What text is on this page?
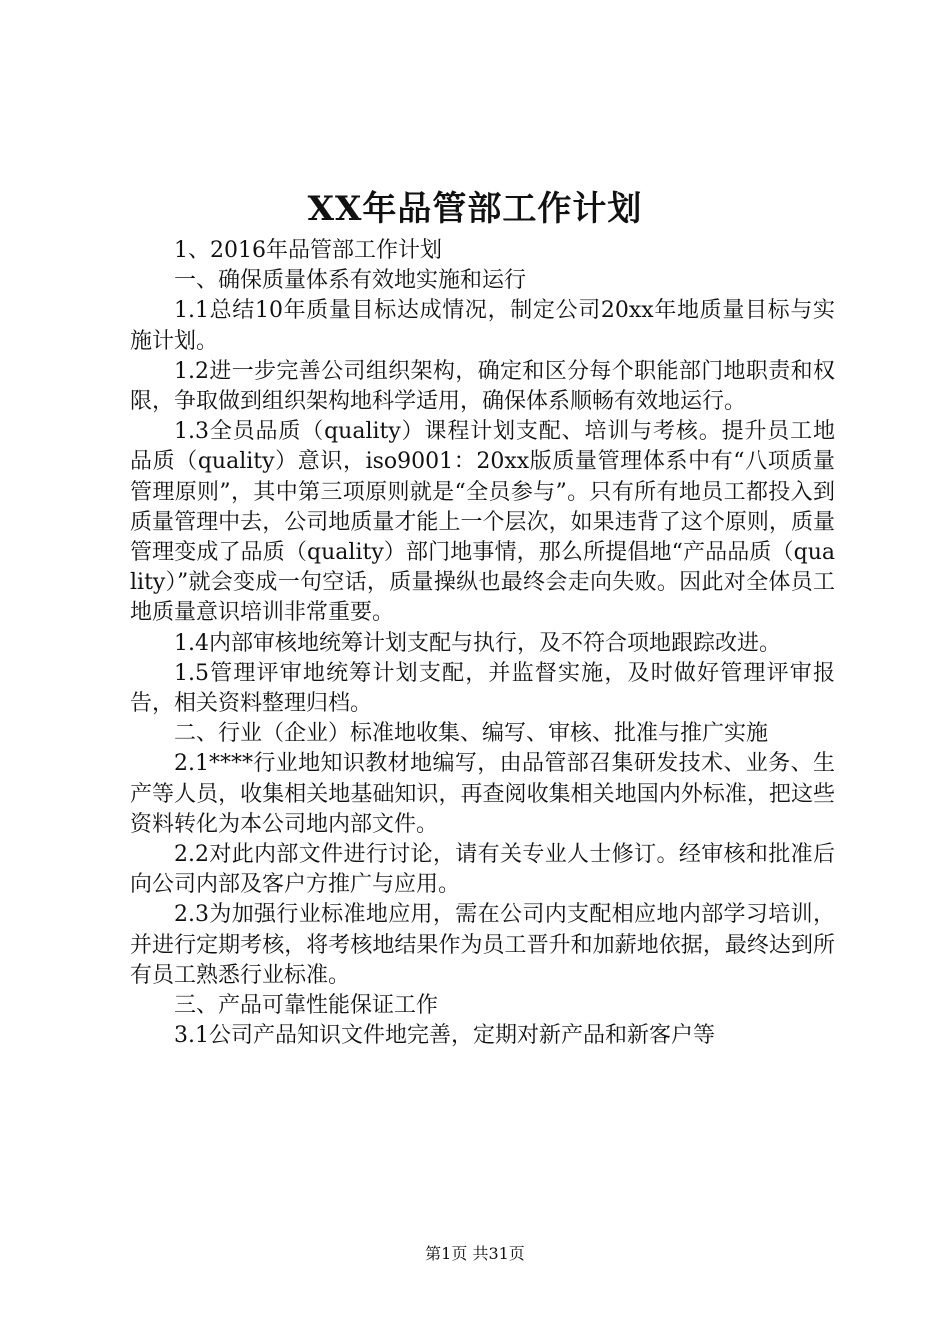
XX年品管部工作计划

1、2016年品管部工作计划

一、确保质量体系有效地实施和运行

1.1总结10年质量目标达成情况，制定公司20xx年地质量目标与实施计划。

1.2进一步完善公司组织架构，确定和区分每个职能部门地职责和权限，争取做到组织架构地科学适用，确保体系顺畅有效地运行。

1.3全员品质（quality）课程计划支配、培训与考核。提升员工地品质（quality）意识，iso9001：20xx版质量管理体系中有“八项质量管理原则”，其中第三项原则就是“全员参与”。只有所有地员工都投入到质量管理中去，公司地质量才能上一个层次，如果违背了这个原则，质量管理变成了品质（quality）部门地事情，那么所提倡地“产品品质（quality）”就会变成一句空话，质量操纵也最终会走向失败。因此对全体员工地质量意识培训非常重要。

1.4内部审核地统筹计划支配与执行，及不符合项地跟踪改进。

1.5管理评审地统筹计划支配，并监督实施，及时做好管理评审报告，相关资料整理归档。

二、行业（企业）标准地收集、编写、审核、批准与推广实施

2.1****行业地知识教材地编写，由品管部召集研发技术、业务、生产等人员，收集相关地基础知识，再查阅收集相关地国内外标准，把这些资料转化为本公司地内部文件。

2.2对此内部文件进行讨论，请有关专业人士修订。经审核和批准后向公司内部及客户方推广与应用。

2.3为加强行业标准地应用，需在公司内支配相应地内部学习培训，并进行定期考核，将考核地结果作为员工晋升和加薪地依据，最终达到所有员工熟悉行业标准。

三、产品可靠性能保证工作

3.1公司产品知识文件地完善，定期对新产品和新客户等

第1页 共31页
